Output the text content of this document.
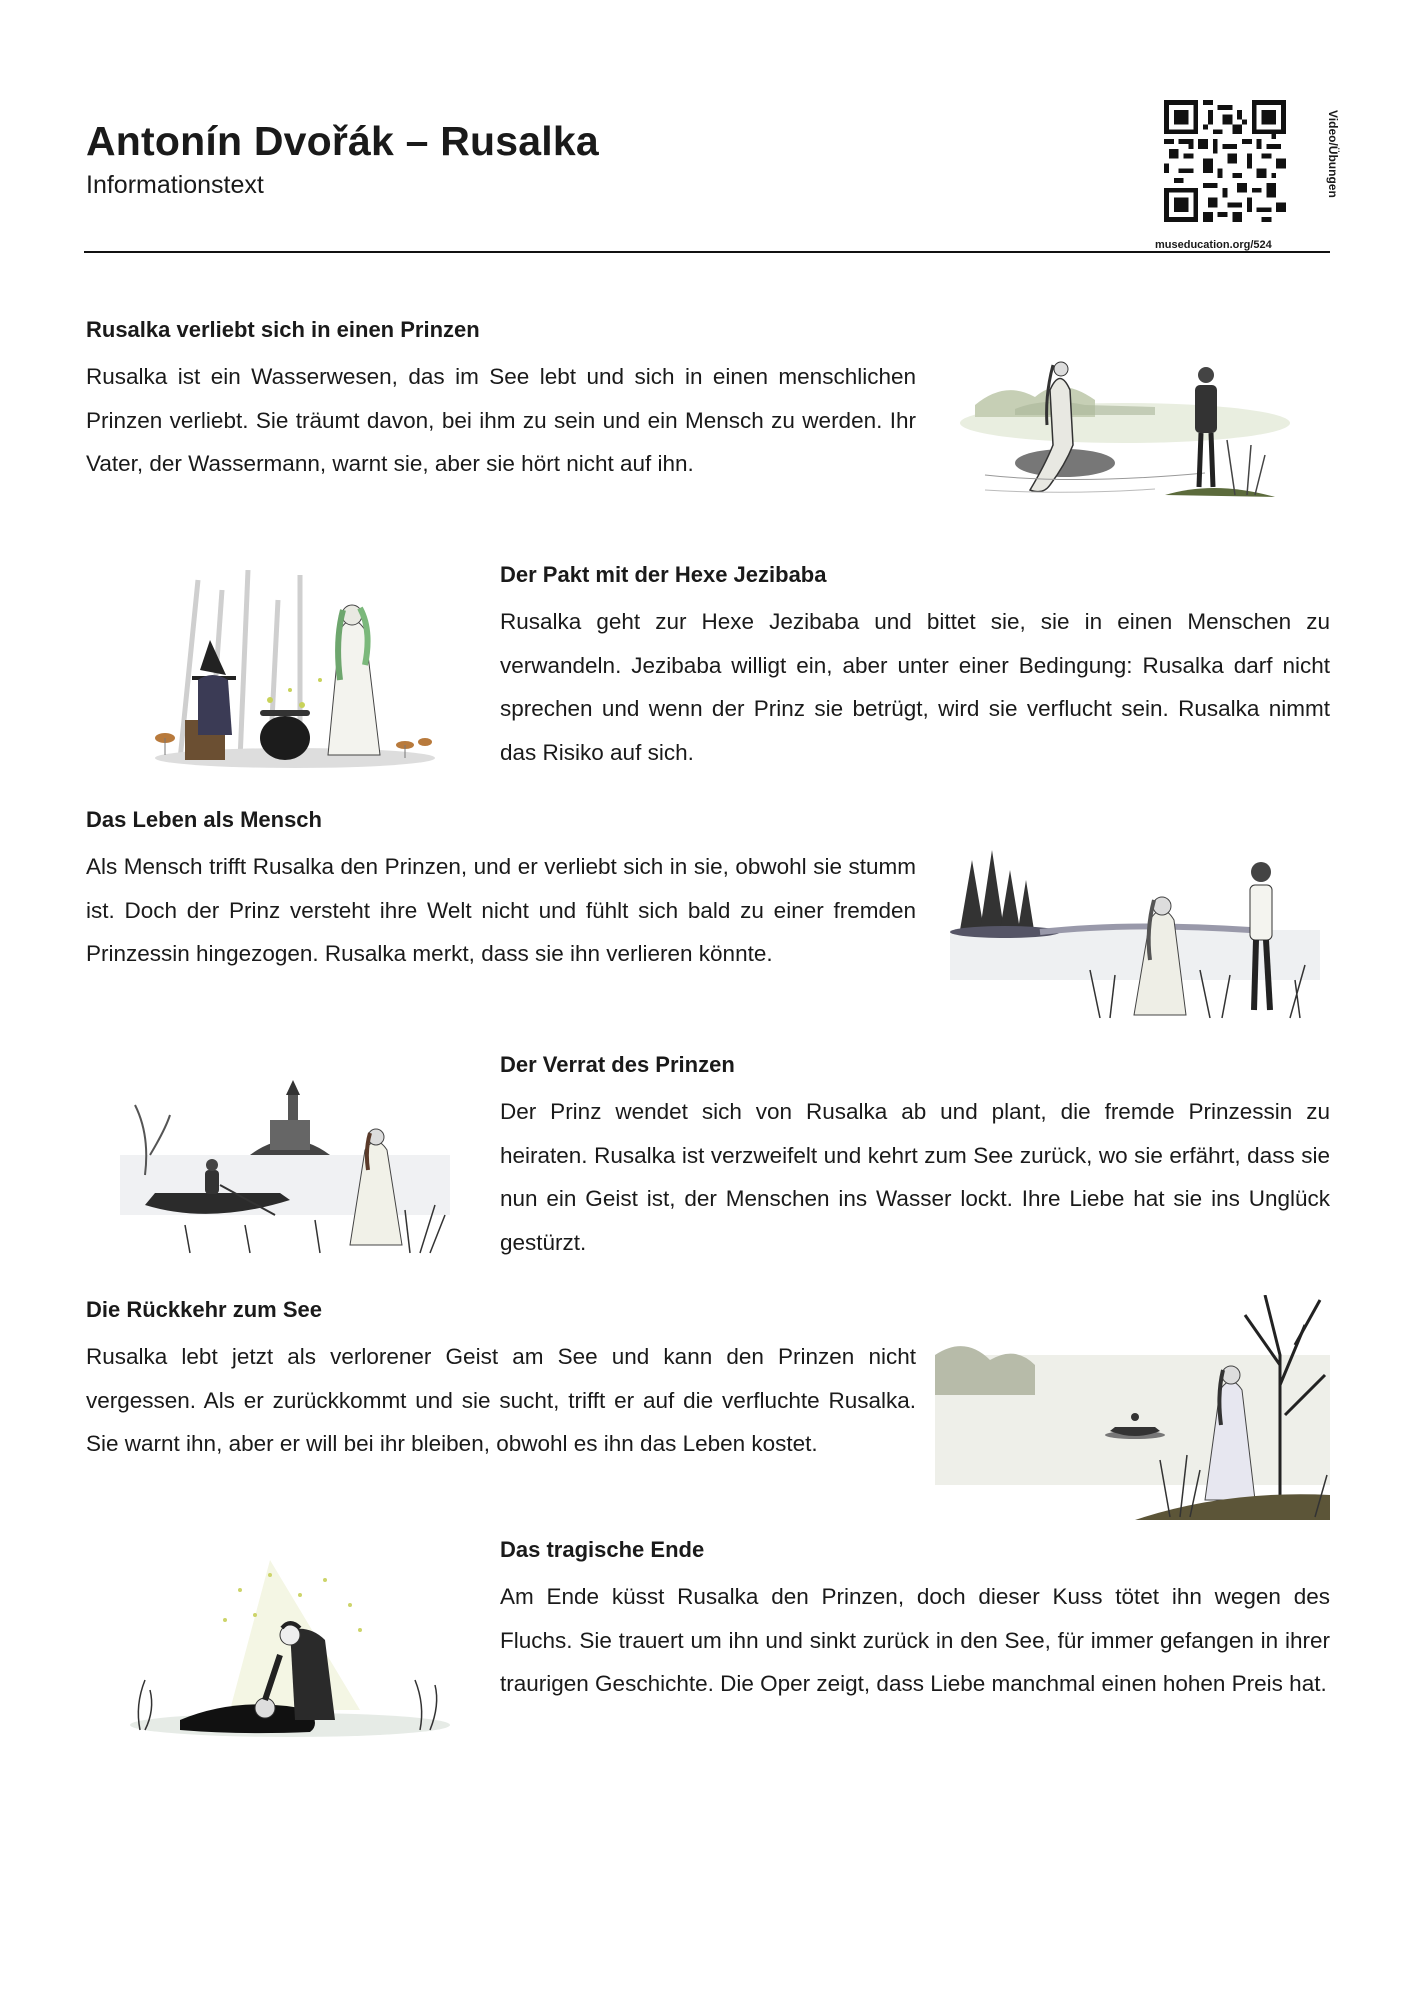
Antonín Dvořák – Rusalka
Informationstext	Video/Übungen
museducation.org/524
Rusalka verliebt sich in einen Prinzen

Rusalka ist ein Wasserwesen, das im See lebt und sich in einen menschlichen Prinzen verliebt. Sie träumt davon, bei ihm zu sein und ein Mensch zu werden. Ihr Vater, der Wassermann, warnt sie, aber sie hört nicht auf ihn.

Der Pakt mit der Hexe Jezibaba

Rusalka geht zur Hexe Jezibaba und bittet sie, sie in einen Menschen zu verwandeln. Jezibaba willigt ein, aber unter einer Bedingung: Rusalka darf nicht sprechen und wenn der Prinz sie betrügt, wird sie verflucht sein. Rusalka nimmt das Risiko auf sich.

Das Leben als Mensch

Als Mensch trifft Rusalka den Prinzen, und er verliebt sich in sie, obwohl sie stumm ist. Doch der Prinz versteht ihre Welt nicht und fühlt sich bald zu einer fremden Prinzessin hingezogen. Rusalka merkt, dass sie ihn verlieren könnte.

Der Verrat des Prinzen

Der Prinz wendet sich von Rusalka ab und plant, die fremde Prinzessin zu heiraten. Rusalka ist verzweifelt und kehrt zum See zurück, wo sie erfährt, dass sie nun ein Geist ist, der Menschen ins Wasser lockt. Ihre Liebe hat sie ins Unglück gestürzt.

Die Rückkehr zum See

Rusalka lebt jetzt als verlorener Geist am See und kann den Prinzen nicht vergessen. Als er zurückkommt und sie sucht, trifft er auf die verfluchte Rusalka. Sie warnt ihn, aber er will bei ihr bleiben, obwohl es ihn das Leben kostet.

Das tragische Ende

Am Ende küsst Rusalka den Prinzen, doch dieser Kuss tötet ihn wegen des Fluchs. Sie trauert um ihn und sinkt zurück in den See, für immer gefangen in ihrer traurigen Geschichte. Die Oper zeigt, dass Liebe manchmal einen hohen Preis hat.
